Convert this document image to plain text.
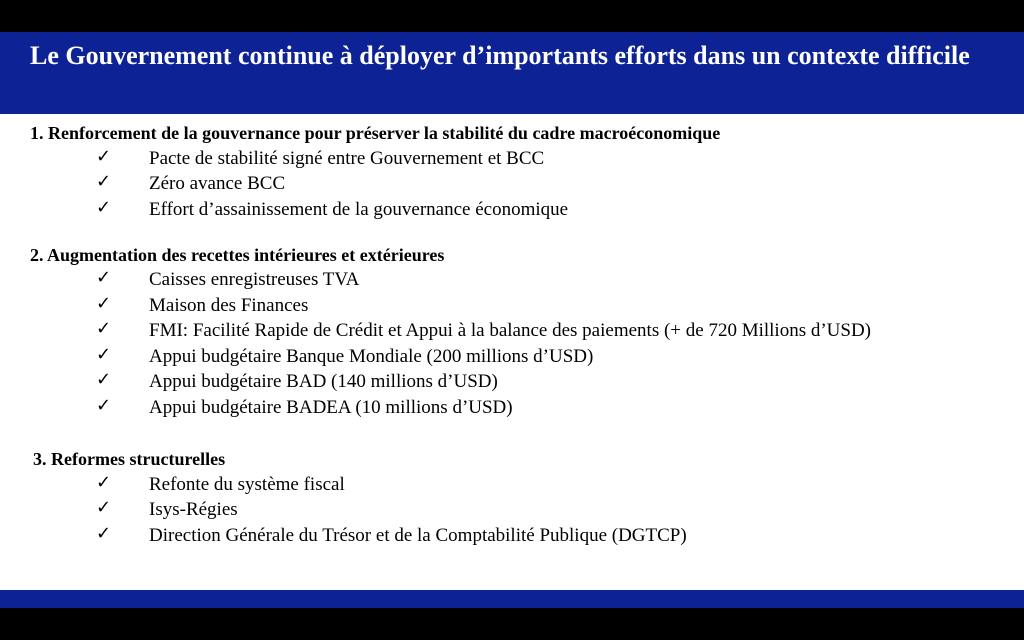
Le Gouvernement continue à déployer d’importants efforts dans un contexte difficile

1. Renforcement de la gouvernance pour préserver la stabilité du cadre macroéconomique
✓ Pacte de stabilité signé entre Gouvernement et BCC
✓ Zéro avance BCC
✓ Effort d’assainissement de la gouvernance économique
2. Augmentation des recettes intérieures et extérieures
✓ Caisses enregistreuses TVA
✓ Maison des Finances
✓ FMI: Facilité Rapide de Crédit et Appui à la balance des paiements (+ de 720 Millions d’USD)
✓ Appui budgétaire Banque Mondiale (200 millions d’USD)
✓ Appui budgétaire BAD (140 millions d’USD)
✓ Appui budgétaire BADEA (10 millions d’USD)
3. Reformes structurelles
✓ Refonte du système fiscal
✓ Isys-Régies
✓ Direction Générale du Trésor et de la Comptabilité Publique (DGTCP)
